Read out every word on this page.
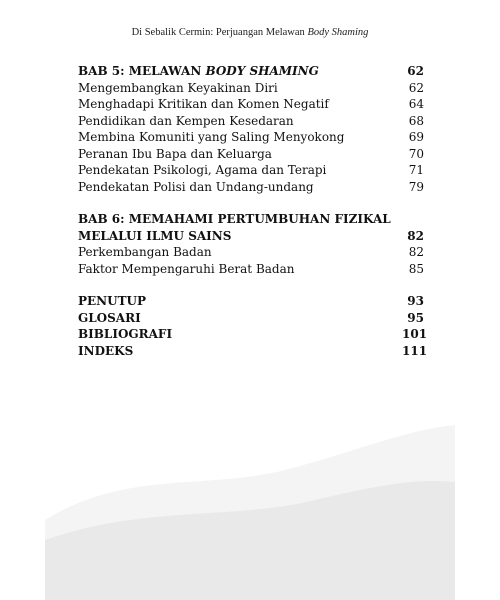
Di Sebalik Cermin: Perjuangan Melawan Body Shaming
BAB 5: MELAWAN BODY SHAMING	62
Mengembangkan Keyakinan Diri	62
Menghadapi Kritikan dan Komen Negatif	64
Pendidikan dan Kempen Kesedaran	68
Membina Komuniti yang Saling Menyokong	69
Peranan Ibu Bapa dan Keluarga	70
Pendekatan Psikologi, Agama dan Terapi	71
Pendekatan Polisi dan Undang-undang	79
BAB 6: MEMAHAMI PERTUMBUHAN FIZIKAL
MELALUI ILMU SAINS	82
Perkembangan Badan	82
Faktor Mempengaruhi Berat Badan	85
PENUTUP	93
GLOSARI	95
BIBLIOGRAFI	101
INDEKS	111
